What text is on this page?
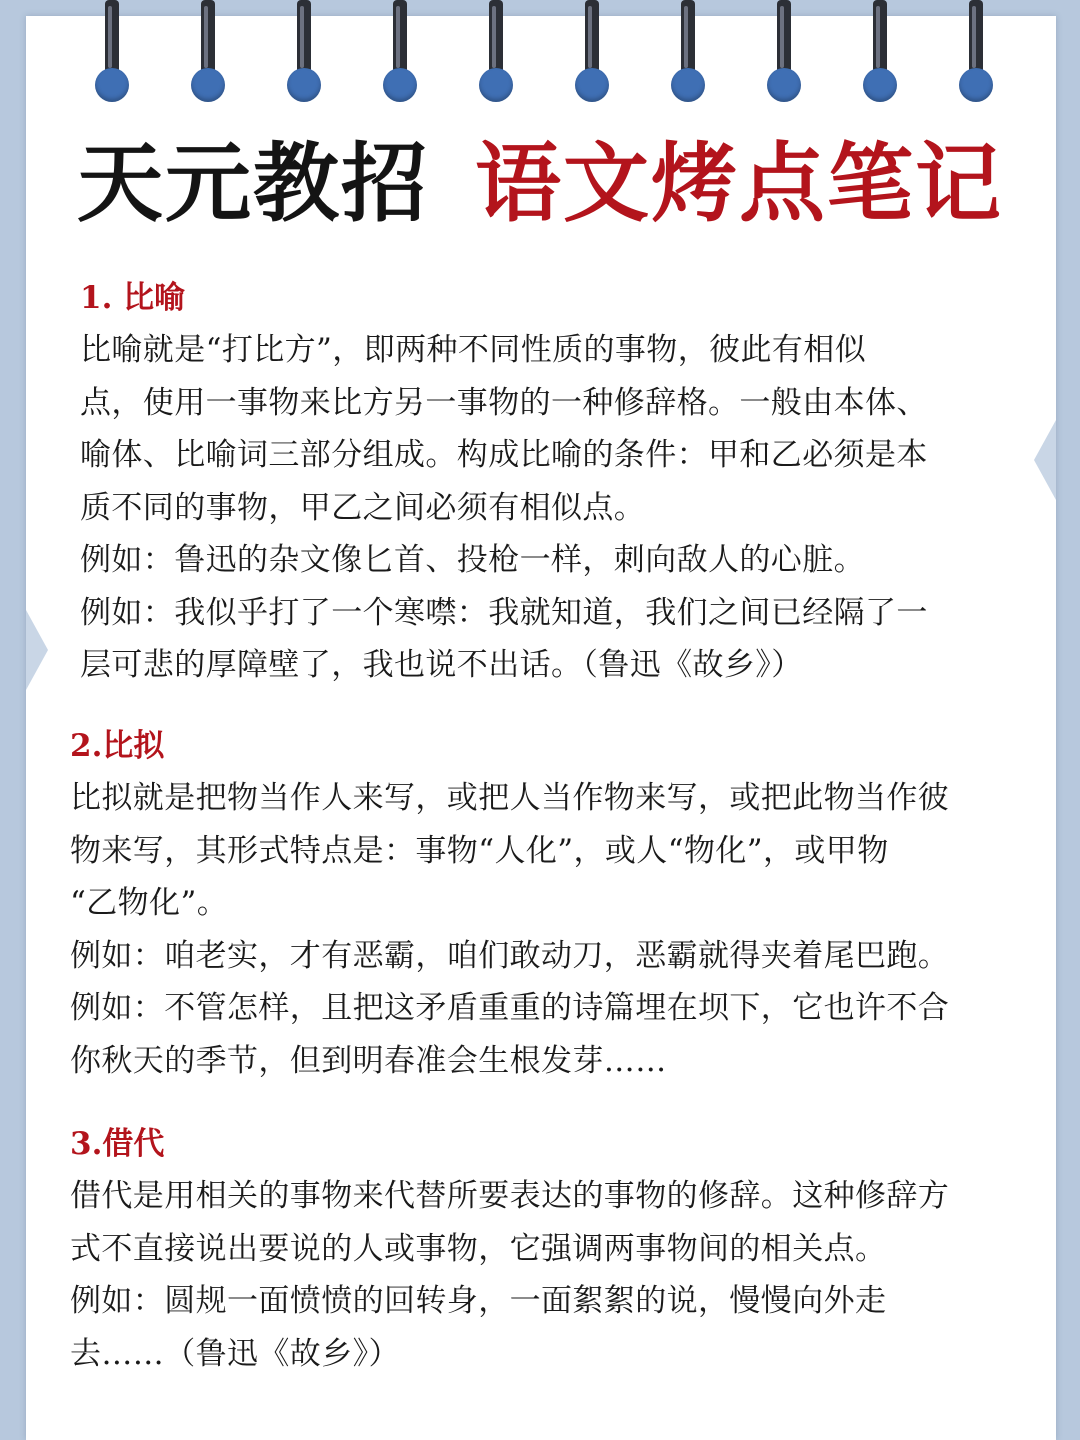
天元教招 语文烤点笔记
1. 比喻
比喻就是“打比方”，即两种不同性质的事物，彼此有相似
点，使用一事物来比方另一事物的一种修辞格。一般由本体、
喻体、比喻词三部分组成。构成比喻的条件：甲和乙必须是本
质不同的事物，甲乙之间必须有相似点。
例如：鲁迅的杂文像匕首、投枪一样，刺向敌人的心脏。
例如：我似乎打了一个寒噤：我就知道，我们之间已经隔了一
层可悲的厚障壁了，我也说不出话。（鲁迅《故乡》）
2.比拟
比拟就是把物当作人来写，或把人当作物来写，或把此物当作彼
物来写，其形式特点是：事物“人化”，或人“物化”，或甲物
“乙物化”。
例如：咱老实，才有恶霸，咱们敢动刀，恶霸就得夹着尾巴跑。
例如：不管怎样，且把这矛盾重重的诗篇埋在坝下，它也许不合
你秋天的季节，但到明春准会生根发芽……
3.借代
借代是用相关的事物来代替所要表达的事物的修辞。这种修辞方
式不直接说出要说的人或事物，它强调两事物间的相关点。
例如：圆规一面愤愤的回转身，一面絮絮的说，慢慢向外走
去……（鲁迅《故乡》）
